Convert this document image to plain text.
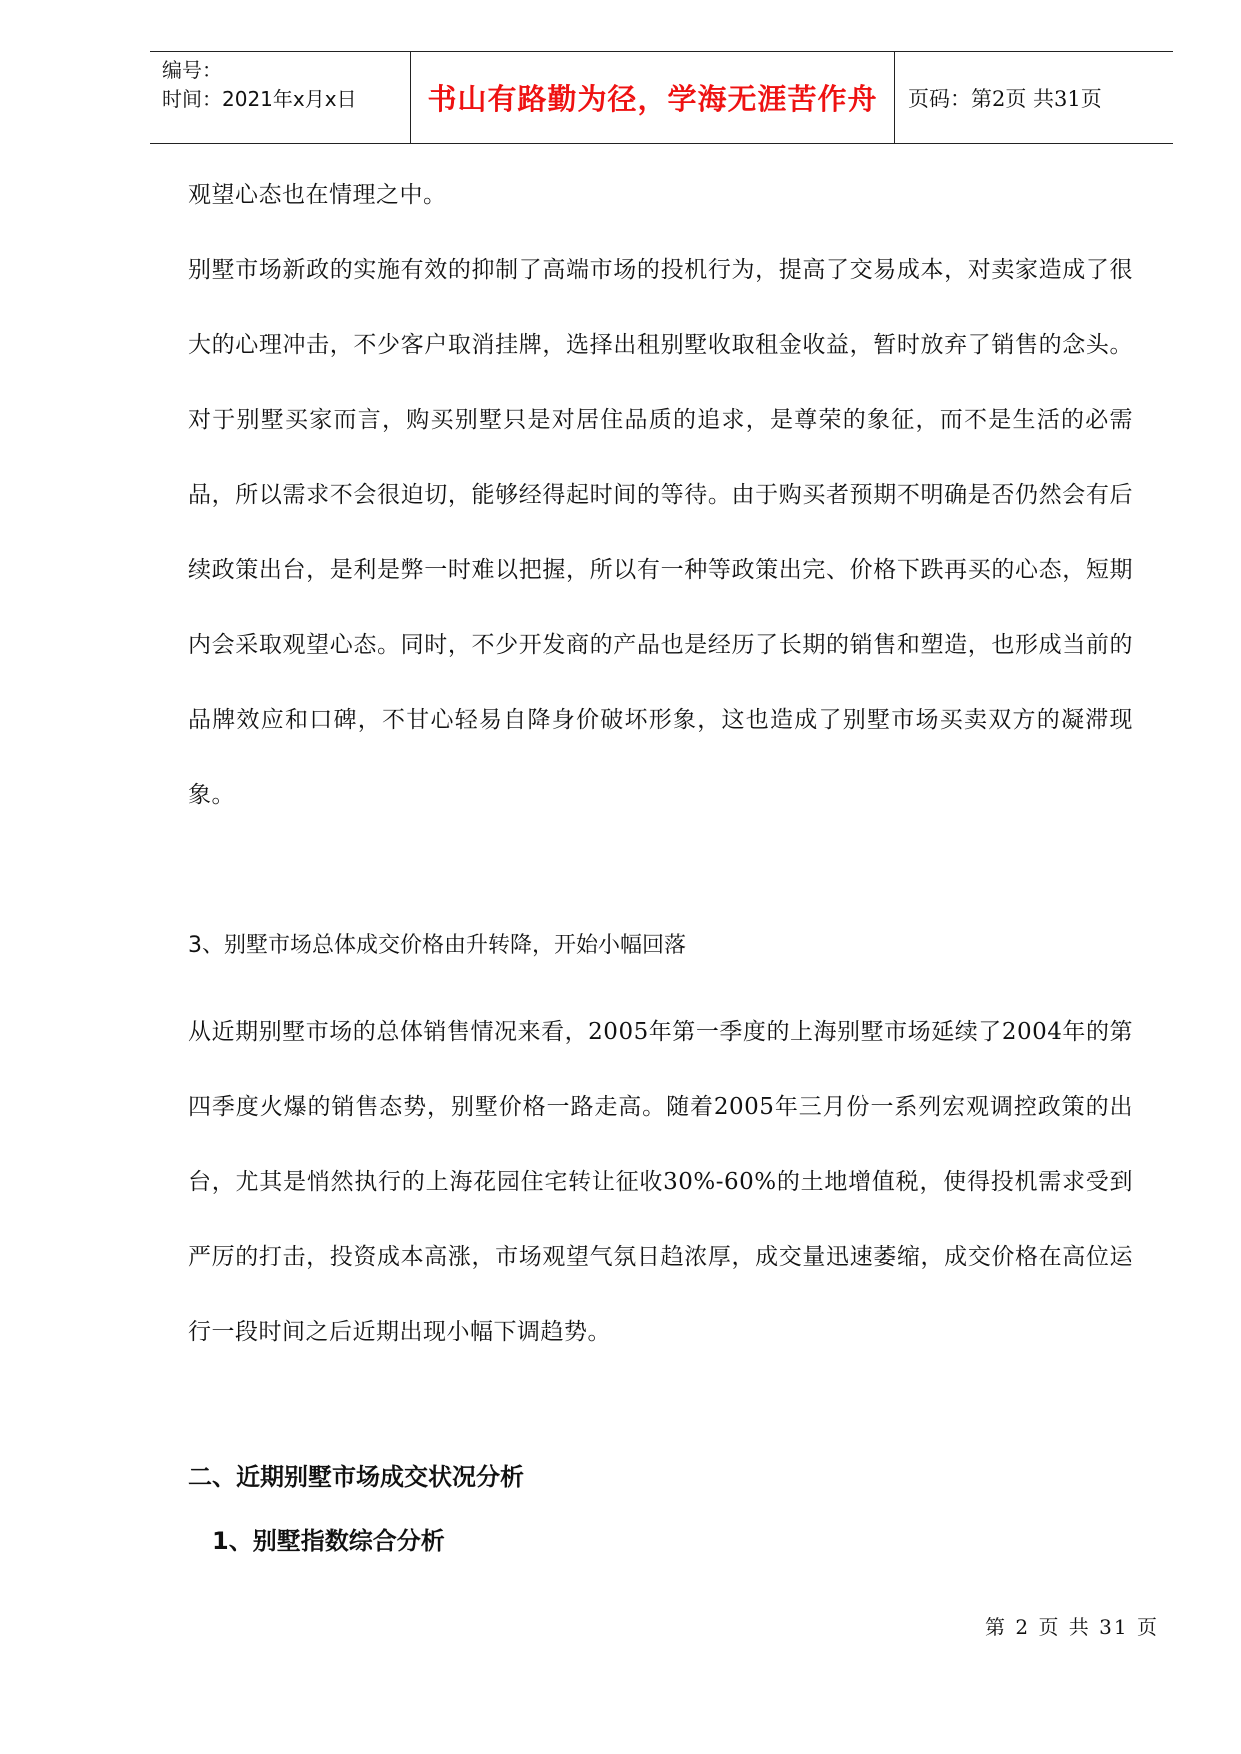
编号：
时间：2021年x月x日	书山有路勤为径，学海无涯苦作舟 页码：第2页 共31页

观望心态也在情理之中。

别墅市场新政的实施有效的抑制了高端市场的投机行为，提高了交易成本，对卖家造成了很大的心理冲击，不少客户取消挂牌，选择出租别墅收取租金收益，暂时放弃了销售的念头。对于别墅买家而言，购买别墅只是对居住品质的追求，是尊荣的象征，而不是生活的必需品，所以需求不会很迫切，能够经得起时间的等待。由于购买者预期不明确是否仍然会有后续政策出台，是利是弊一时难以把握，所以有一种等政策出完、价格下跌再买的心态，短期内会采取观望心态。同时，不少开发商的产品也是经历了长期的销售和塑造，也形成当前的品牌效应和口碑，不甘心轻易自降身价破坏形象，这也造成了别墅市场买卖双方的凝滞现象。

3、别墅市场总体成交价格由升转降，开始小幅回落

从近期别墅市场的总体销售情况来看，2005年第一季度的上海别墅市场延续了2004年的第四季度火爆的销售态势，别墅价格一路走高。随着2005年三月份一系列宏观调控政策的出台，尤其是悄然执行的上海花园住宅转让征收30%-60%的土地增值税，使得投机需求受到严厉的打击，投资成本高涨，市场观望气氛日趋浓厚，成交量迅速萎缩，成交价格在高位运行一段时间之后近期出现小幅下调趋势。

二、近期别墅市场成交状况分析
1、别墅指数综合分析
第 2 页 共 31 页
